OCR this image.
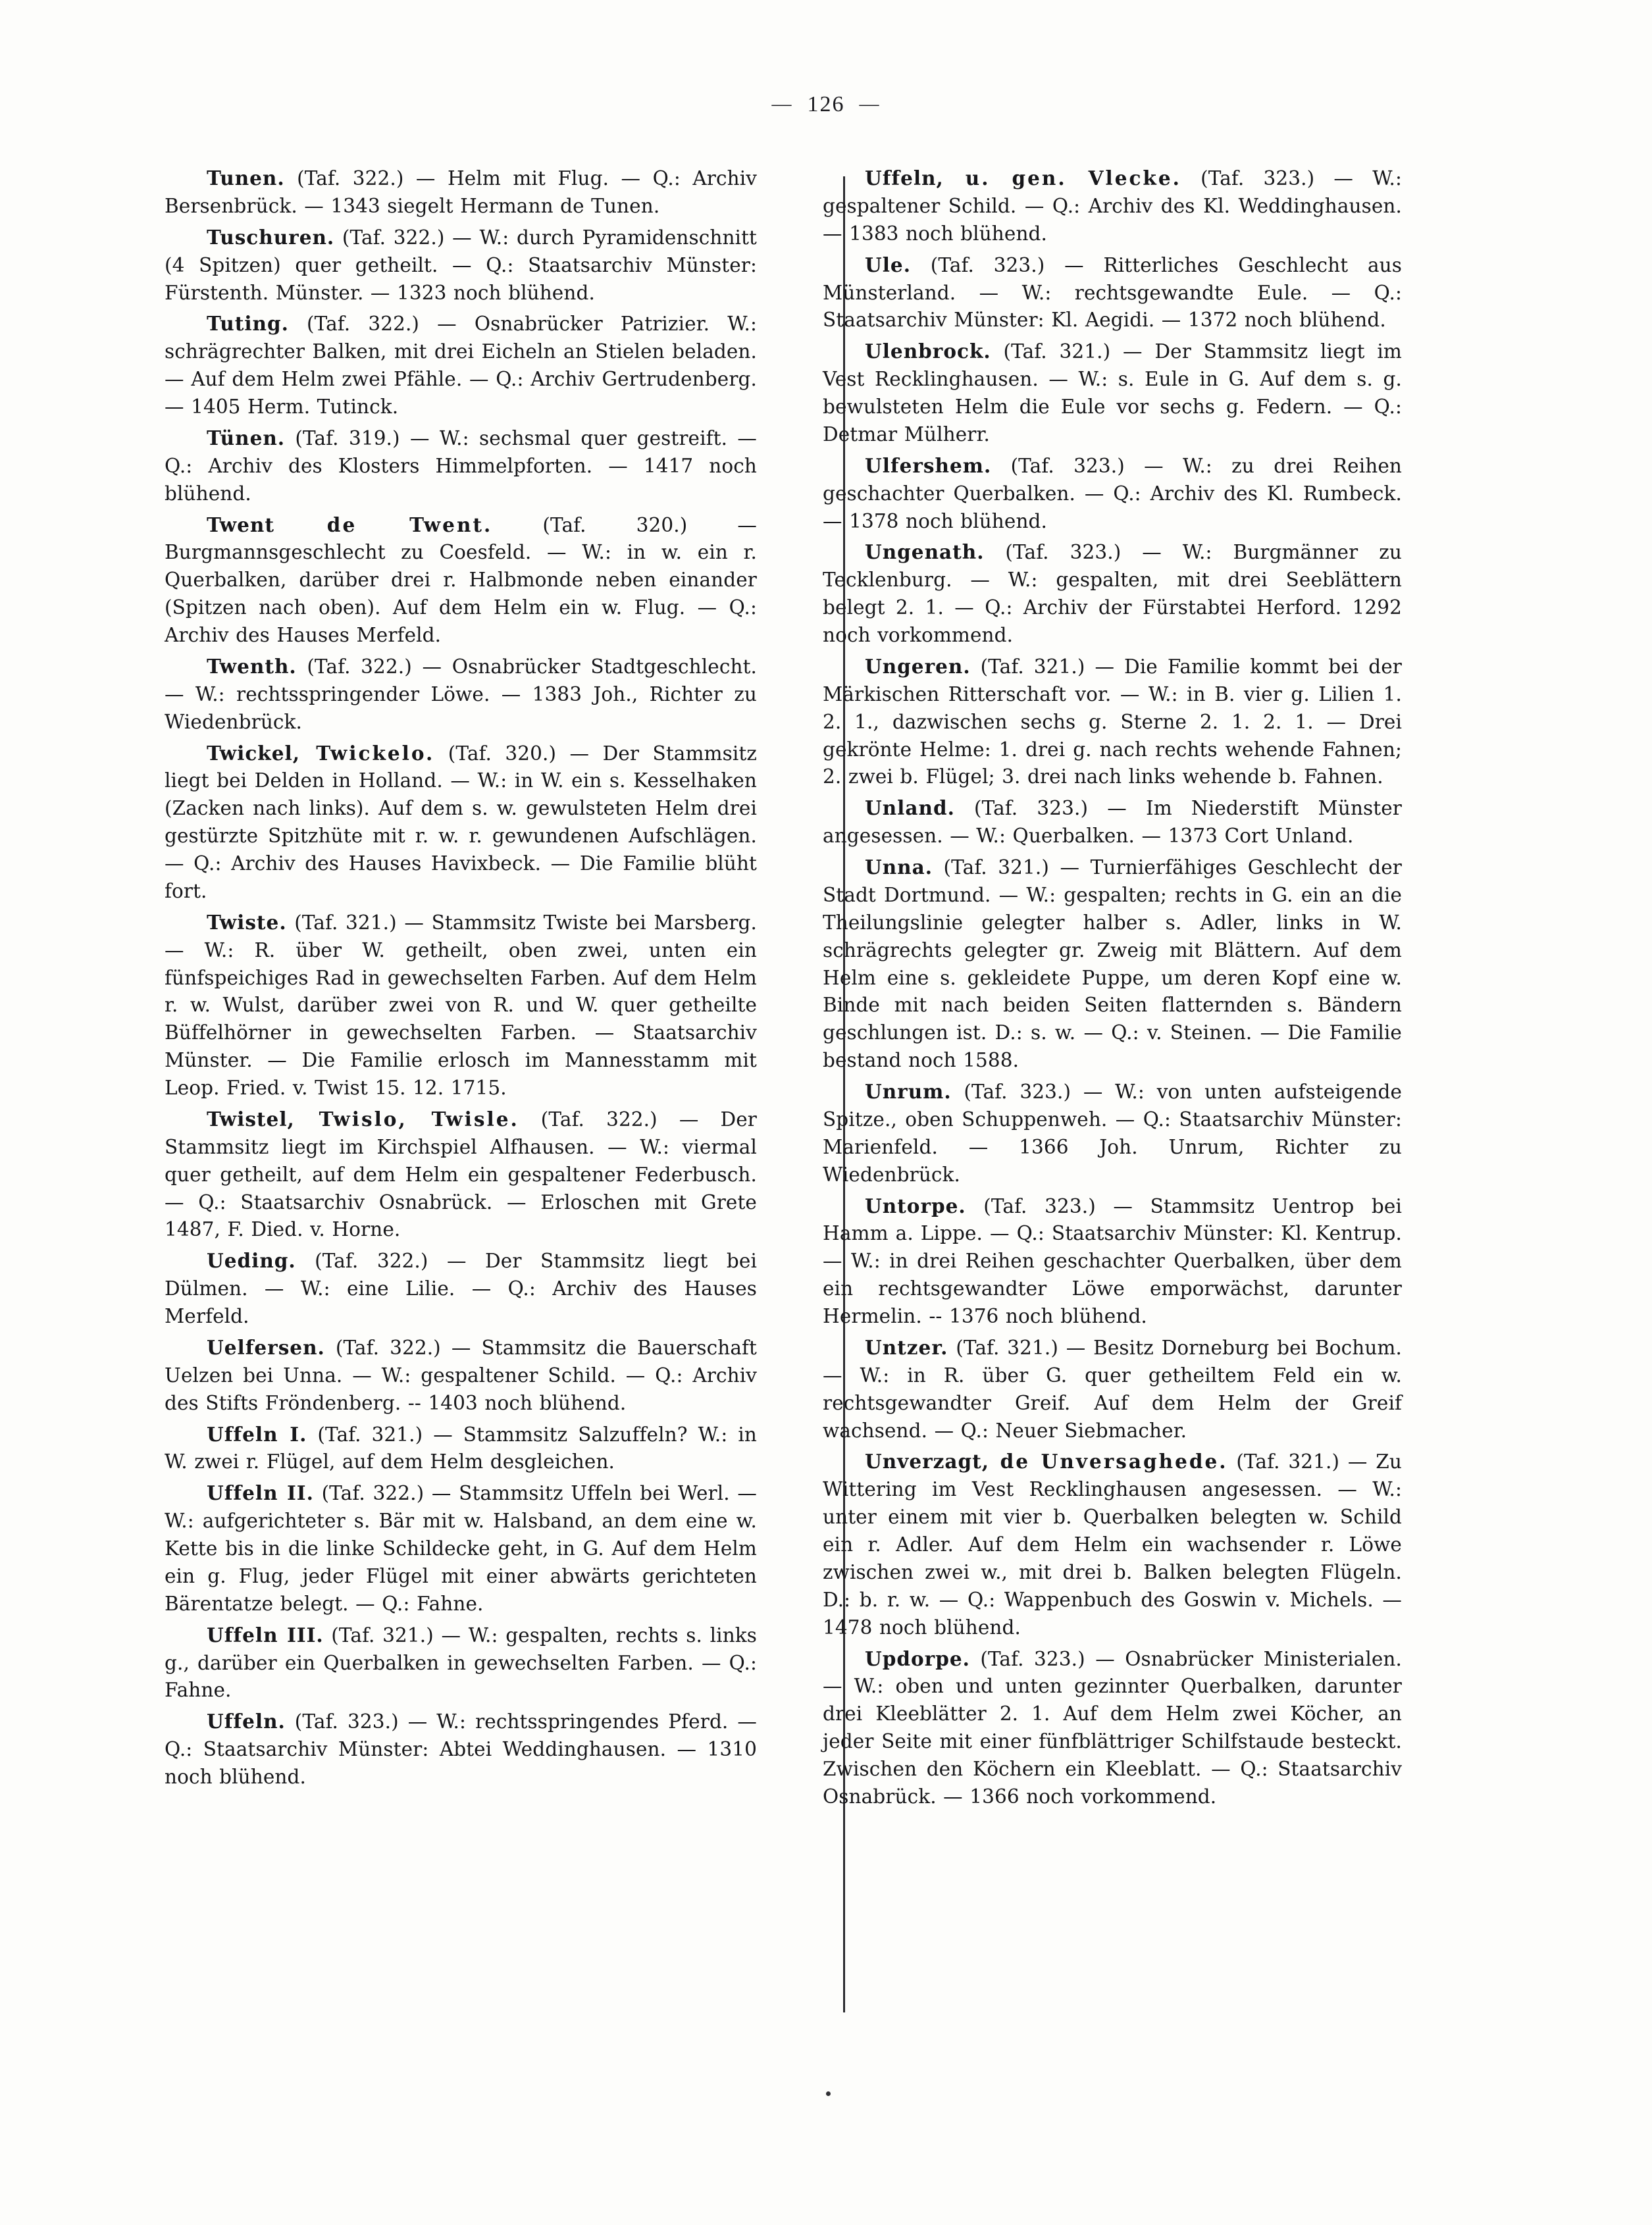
— 126 —

Tunen. (Taf. 322.) — Helm mit Flug. — Q.: Archiv Bersenbrück. — 1343 siegelt Hermann de Tunen.

Tuschuren. (Taf. 322.) — W.: durch Pyramidenschnitt (4 Spitzen) quer getheilt. — Q.: Staatsarchiv Münster: Fürstenth. Münster. — 1323 noch blühend.

Tuting. (Taf. 322.) — Osnabrücker Patrizier. W.: schrägrechter Balken, mit drei Eicheln an Stielen beladen. — Auf dem Helm zwei Pfähle. — Q.: Archiv Gertrudenberg. — 1405 Herm. Tutinck.

Tünen. (Taf. 319.) — W.: sechsmal quer gestreift. — Q.: Archiv des Klosters Himmelpforten. — 1417 noch blühend.

Twent de Twent. (Taf. 320.) — Burgmannsgeschlecht zu Coesfeld. — W.: in w. ein r. Querbalken, darüber drei r. Halbmonde neben einander (Spitzen nach oben). Auf dem Helm ein w. Flug. — Q.: Archiv des Hauses Merfeld.

Twenth. (Taf. 322.) — Osnabrücker Stadtgeschlecht. — W.: rechtsspringender Löwe. — 1383 Joh., Richter zu Wiedenbrück.

Twickel, Twickelo. (Taf. 320.) — Der Stammsitz liegt bei Delden in Holland. — W.: in W. ein s. Kesselhaken (Zacken nach links). Auf dem s. w. gewulsteten Helm drei gestürzte Spitzhüte mit r. w. r. gewundenen Aufschlägen. — Q.: Archiv des Hauses Havixbeck. — Die Familie blüht fort.

Twiste. (Taf. 321.) — Stammsitz Twiste bei Marsberg. — W.: R. über W. getheilt, oben zwei, unten ein fünfspeichiges Rad in gewechselten Farben. Auf dem Helm r. w. Wulst, darüber zwei von R. und W. quer getheilte Büffelhörner in gewechselten Farben. — Staatsarchiv Münster. — Die Familie erlosch im Mannesstamm mit Leop. Fried. v. Twist 15. 12. 1715.

Twistel, Twislo, Twisle. (Taf. 322.) — Der Stammsitz liegt im Kirchspiel Alfhausen. — W.: viermal quer getheilt, auf dem Helm ein gespaltener Federbusch. — Q.: Staatsarchiv Osnabrück. — Erloschen mit Grete 1487, F. Died. v. Horne.

Ueding. (Taf. 322.) — Der Stammsitz liegt bei Dülmen. — W.: eine Lilie. — Q.: Archiv des Hauses Merfeld.

Uelfersen. (Taf. 322.) — Stammsitz die Bauerschaft Uelzen bei Unna. — W.: gespaltener Schild. — Q.: Archiv des Stifts Fröndenberg. -- 1403 noch blühend.

Uffeln I. (Taf. 321.) — Stammsitz Salzuffeln? W.: in W. zwei r. Flügel, auf dem Helm desgleichen.

Uffeln II. (Taf. 322.) — Stammsitz Uffeln bei Werl. — W.: aufgerichteter s. Bär mit w. Halsband, an dem eine w. Kette bis in die linke Schildecke geht, in G. Auf dem Helm ein g. Flug, jeder Flügel mit einer abwärts gerichteten Bärentatze belegt. — Q.: Fahne.

Uffeln III. (Taf. 321.) — W.: gespalten, rechts s. links g., darüber ein Querbalken in gewechselten Farben. — Q.: Fahne.

Uffeln. (Taf. 323.) — W.: rechtsspringendes Pferd. — Q.: Staatsarchiv Münster: Abtei Weddinghausen. — 1310 noch blühend.

Uffeln, u. gen. Vlecke. (Taf. 323.) — W.: gespaltener Schild. — Q.: Archiv des Kl. Weddinghausen. — 1383 noch blühend.

Ule. (Taf. 323.) — Ritterliches Geschlecht aus Münsterland. — W.: rechtsgewandte Eule. — Q.: Staatsarchiv Münster: Kl. Aegidi. — 1372 noch blühend.

Ulenbrock. (Taf. 321.) — Der Stammsitz liegt im Vest Recklinghausen. — W.: s. Eule in G. Auf dem s. g. bewulsteten Helm die Eule vor sechs g. Federn. — Q.: Detmar Mülherr.

Ulfershem. (Taf. 323.) — W.: zu drei Reihen geschachter Querbalken. — Q.: Archiv des Kl. Rumbeck. — 1378 noch blühend.

Ungenath. (Taf. 323.) — W.: Burgmänner zu Tecklenburg. — W.: gespalten, mit drei Seeblättern belegt 2. 1. — Q.: Archiv der Fürstabtei Herford. 1292 noch vorkommend.

Ungeren. (Taf. 321.) — Die Familie kommt bei der Märkischen Ritterschaft vor. — W.: in B. vier g. Lilien 1. 2. 1., dazwischen sechs g. Sterne 2. 1. 2. 1. — Drei gekrönte Helme: 1. drei g. nach rechts wehende Fahnen; 2. zwei b. Flügel; 3. drei nach links wehende b. Fahnen.

Unland. (Taf. 323.) — Im Niederstift Münster angesessen. — W.: Querbalken. — 1373 Cort Unland.

Unna. (Taf. 321.) — Turnierfähiges Geschlecht der Stadt Dortmund. — W.: gespalten; rechts in G. ein an die Theilungslinie gelegter halber s. Adler, links in W. schrägrechts gelegter gr. Zweig mit Blättern. Auf dem Helm eine s. gekleidete Puppe, um deren Kopf eine w. Binde mit nach beiden Seiten flatternden s. Bändern geschlungen ist. D.: s. w. — Q.: v. Steinen. — Die Familie bestand noch 1588.

Unrum. (Taf. 323.) — W.: von unten aufsteigende Spitze., oben Schuppenweh. — Q.: Staatsarchiv Münster: Marienfeld. — 1366 Joh. Unrum, Richter zu Wiedenbrück.

Untorpe. (Taf. 323.) — Stammsitz Uentrop bei Hamm a. Lippe. — Q.: Staatsarchiv Münster: Kl. Kentrup. — W.: in drei Reihen geschachter Querbalken, über dem ein rechtsgewandter Löwe emporwächst, darunter Hermelin. -- 1376 noch blühend.

Untzer. (Taf. 321.) — Besitz Dorneburg bei Bochum. — W.: in R. über G. quer getheiltem Feld ein w. rechtsgewandter Greif. Auf dem Helm der Greif wachsend. — Q.: Neuer Siebmacher.

Unverzagt, de Unversaghede. (Taf. 321.) — Zu Wittering im Vest Recklinghausen angesessen. — W.: unter einem mit vier b. Querbalken belegten w. Schild ein r. Adler. Auf dem Helm ein wachsender r. Löwe zwischen zwei w., mit drei b. Balken belegten Flügeln. D.: b. r. w. — Q.: Wappenbuch des Goswin v. Michels. — 1478 noch blühend.

Updorpe. (Taf. 323.) — Osnabrücker Ministerialen. — W.: oben und unten gezinnter Querbalken, darunter drei Kleeblätter 2. 1. Auf dem Helm zwei Köcher, an jeder Seite mit einer fünfblättriger Schilfstaude besteckt. Zwischen den Köchern ein Kleeblatt. — Q.: Staatsarchiv Osnabrück. — 1366 noch vorkommend.
